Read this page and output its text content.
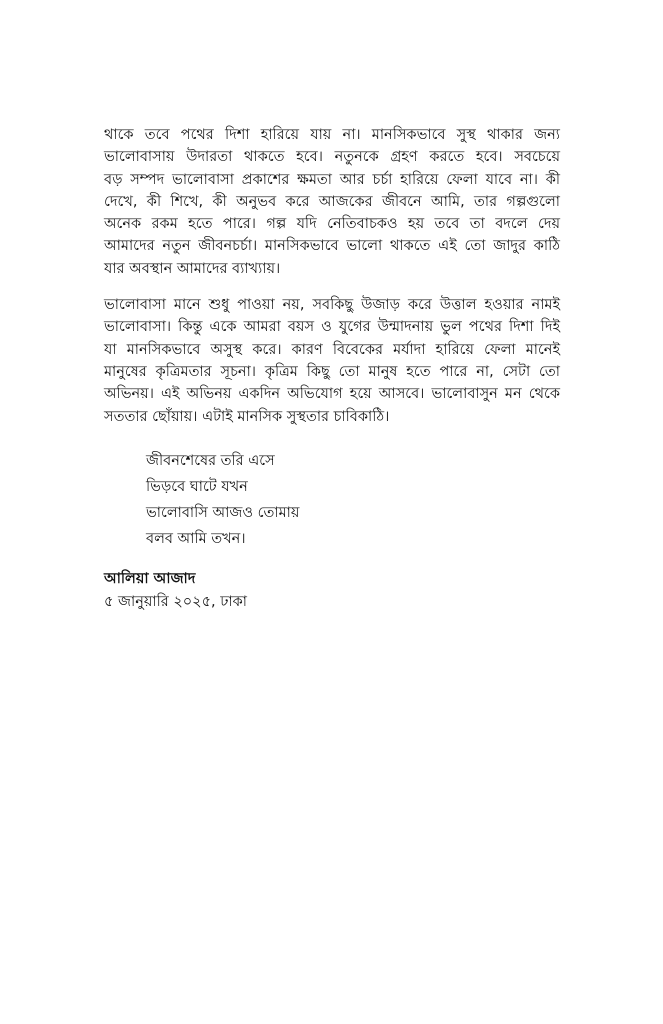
থাকে তবে পথের দিশা হারিয়ে যায় না। মানসিকভাবে সুস্থ থাকার জন্য
ভালোবাসায় উদারতা থাকতে হবে। নতুনকে গ্রহণ করতে হবে। সবচেয়ে
বড় সম্পদ ভালোবাসা প্রকাশের ক্ষমতা আর চর্চা হারিয়ে ফেলা যাবে না। কী
দেখে, কী শিখে, কী অনুভব করে আজকের জীবনে আমি, তার গল্পগুলো
অনেক রকম হতে পারে। গল্প যদি নেতিবাচকও হয় তবে তা বদলে দেয়
আমাদের নতুন জীবনচর্চা। মানসিকভাবে ভালো থাকতে এই তো জাদুর কাঠি
যার অবস্থান আমাদের ব্যাখ্যায়।
ভালোবাসা মানে শুধু পাওয়া নয়, সবকিছু উজাড় করে উত্তাল হওয়ার নামই
ভালোবাসা। কিন্তু একে আমরা বয়স ও যুগের উন্মাদনায় ভুল পথের দিশা দিই
যা মানসিকভাবে অসুস্থ করে। কারণ বিবেকের মর্যাদা হারিয়ে ফেলা মানেই
মানুষের কৃত্রিমতার সূচনা। কৃত্রিম কিছু তো মানুষ হতে পারে না, সেটা তো
অভিনয়। এই অভিনয় একদিন অভিযোগ হয়ে আসবে। ভালোবাসুন মন থেকে
সততার ছোঁয়ায়। এটাই মানসিক সুস্থতার চাবিকাঠি।
জীবনশেষের তরি এসে
ভিড়বে ঘাটে যখন
ভালোবাসি আজও তোমায়
বলব আমি তখন।
আলিয়া আজাদ
৫ জানুয়ারি ২০২৫, ঢাকা
